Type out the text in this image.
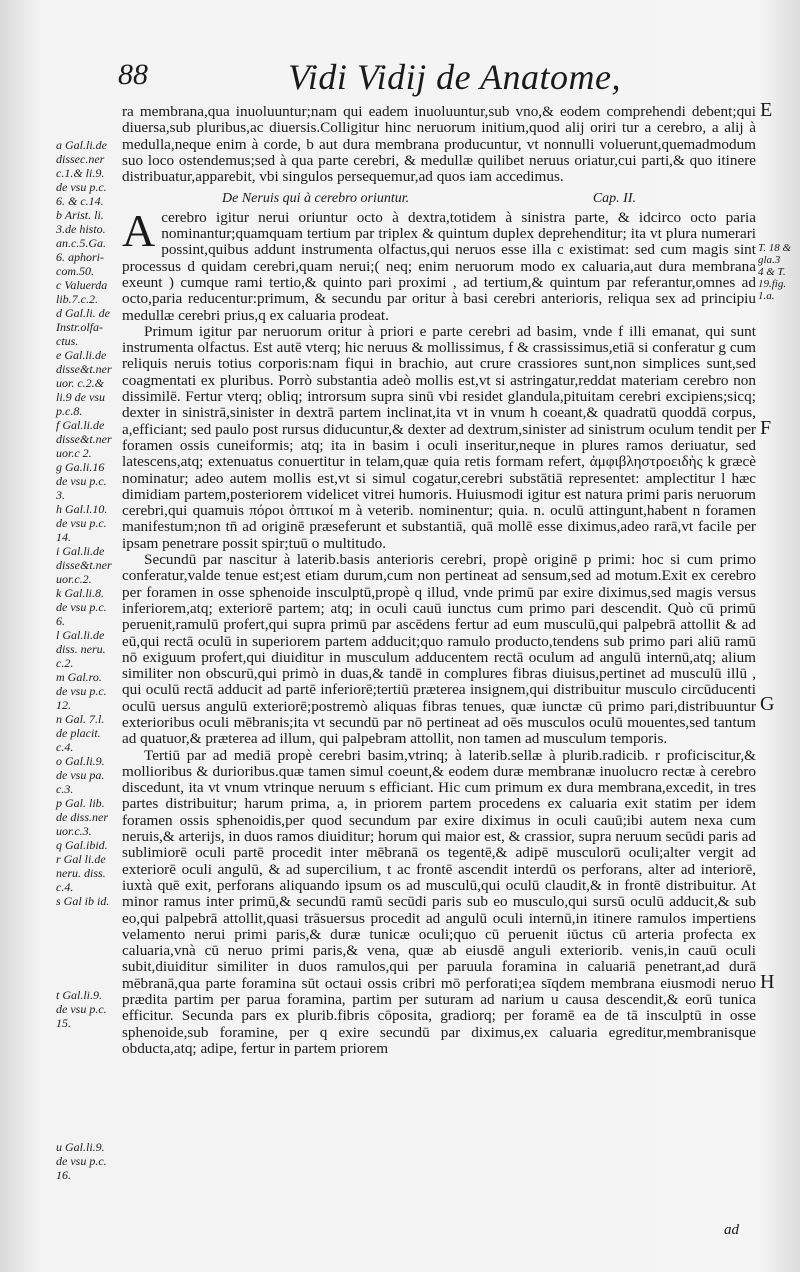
88	Vidi Vidij de Anatome,

a Gal.li.de
dissec.ner
c.1.& li.9.
de vsu p.c.
6. & c.14.

b Arist. li.
3.de histo.
an.c.5.Ga.
6. aphori-
com.50.

c Valuerda
lib.7.c.2.

d Gal.li. de
Instr.olfa-
ctus.

e Gal.li.de
disse&t.ner
uor. c.2.&
li.9 de vsu
p.c.8.

f Gal.li.de
disse&t.ner
uor.c 2.

g Ga.li.16
de vsu p.c.
3.

h Gal.l.10.
de vsu p.c.
14.

i Gal.li.de
disse&t.ner
uor.c.2.

k Gal.li.8.
de vsu p.c.
6.

l Gal.li.de
diss. neru.
c.2.

m Gal.ro.
de vsu p.c.
12.

n Gal. 7.l.
de placit.
c.4.

o Gal.li.9.
de vsu pa.
c.3.

p Gal. lib.
de diss.ner
uor.c.3.

q Gal.ibid.
r Gal li.de
neru. diss.
c.4.

s Gal ib id.

t Gal.li.9.
de vsu p.c.
15.

u Gal.li.9.
de vsu p.c.
16.

E
T. 18 &
gla.3
4 & T.
19.fig.
1.a.
F
G
H

ra membrana,qua inuoluuntur;nam qui eadem inuoluuntur,sub vno,& eodem comprehendi debent;qui diuersa,sub pluribus,ac diuersis.Colligitur hinc neruorum initium,quod alij oriri tur a cerebro, a alij à medulla,neque enim à corde, b aut dura membrana producuntur, vt nonnulli voluerunt,quemadmodum suo loco ostendemus;sed à qua parte cerebri, & medullæ quilibet neruus oriatur,cui parti,& quo itinere distribuatur,apparebit, vbi singulos persequemur,ad quos iam accedimus.

De Neruis qui à cerebro oriuntur.	Cap. II.

Acerebro igitur nerui oriuntur octo à dextra,totidem à sinistra parte, & idcirco octo paria nominantur;quamquam tertium par triplex & quintum duplex deprehenditur; ita vt plura numerari possint,quibus addunt instrumenta olfactus,qui neruos esse illa c existimat: sed cum magis sint processus d quidam cerebri,quam nerui;( neq; enim neruorum modo ex caluaria,aut dura membrana exeunt ) cumque rami tertio,& quinto pari proximi , ad tertium,& quintum par referantur,omnes ad octo,paria reducentur:primum, & secundu par oritur à basi cerebri anterioris, reliqua sex ad principiu medullæ cerebri prius,q ex caluaria prodeat.

Primum igitur par neruorum oritur à priori e parte cerebri ad basim, vnde f illi emanat, qui sunt instrumenta olfactus. Est autē vterq; hic neruus & mollissimus, f & crassissimus,etiā si conferatur g cum reliquis neruis totius corporis:nam fiqui in brachio, aut crure crassiores sunt,non simplices sunt,sed coagmentati ex pluribus. Porrò substantia adeò mollis est,vt si astringatur,reddat materiam cerebro non dissimilē. Fertur vterq; obliq; introrsum supra sinū vbi residet glandula,pituitam cerebri excipiens;sicq; dexter in sinistrā,sinister in dextrā partem inclinat,ita vt in vnum h coeant,& quadratū quoddā corpus, a,efficiant; sed paulo post rursus diducuntur,& dexter ad dextrum,sinister ad sinistrum oculum tendit per foramen ossis cuneiformis; atq; ita in basim i oculi inseritur,neque in plures ramos deriuatur, sed latescens,atq; extenuatus conuertitur in telam,quæ quia retis formam refert, ἀμφιβληστροειδὴς k græcè nominatur; adeo autem mollis est,vt si simul cogatur,cerebri substātiā representet: amplectitur l hæc dimidiam partem,posteriorem videlicet vitrei humoris. Huiusmodi igitur est natura primi paris neruorum cerebri,qui quamuis πόροι ὀπτικοί m à veterib. nominentur; quia. n. oculū attingunt,habent n foramen manifestum;non tn̄ ad originē præseferunt et substantiā, quā mollē esse diximus,adeo rarā,vt facile per ipsam penetrare possit spir;tuū o multitudo.

Secundū par nascitur à laterib.basis anterioris cerebri, propè originē p primi: hoc si cum primo conferatur,valde tenue est;est etiam durum,cum non pertineat ad sensum,sed ad motum.Exit ex cerebro per foramen in osse sphenoide insculptū,propè q illud, vnde primū par exire diximus,sed magis versus inferiorem,atq; exteriorē partem; atq; in oculi cauū iunctus cum primo pari descendit. Quò cū primū peruenit,ramulū profert,qui supra primū par ascēdens fertur ad eum musculū,qui palpebrā attollit & ad eū,qui rectā oculū in superiorem partem adducit;quo ramulo producto,tendens sub primo pari aliū ramū nō exiguum profert,qui diuiditur in musculum adducentem rectā oculum ad angulū internū,atq; alium similiter non obscurū,qui primò in duas,& tandē in complures fibras diuisus,pertinet ad musculū illū , qui oculū rectā adducit ad partē inferiorē;tertiū præterea insignem,qui distribuitur musculo circūducenti oculū uersus angulū exteriorē;postremò aliquas fibras tenues, quæ iunctæ cū primo pari,distribuuntur exterioribus oculi mēbranis;ita vt secundū par nō pertineat ad oēs musculos oculū mouentes,sed tantum ad quatuor,& præterea ad illum, qui palpebram attollit, non tamen ad musculum temporis.

Tertiū par ad mediā propè cerebri basim,vtrinq; à laterib.sellæ à plurib.radicib. r proficiscitur,& mollioribus & durioribus.quæ tamen simul coeunt,& eodem duræ membranæ inuolucro rectæ à cerebro discedunt, ita vt vnum vtrinque neruum s efficiant. Hic cum primum ex dura membrana,excedit, in tres partes distribuitur; harum prima, a, in priorem partem procedens ex caluaria exit statim per idem foramen ossis sphenoidis,per quod secundum par exire diximus in oculi cauū;ibi autem nexa cum neruis,& arterijs, in duos ramos diuiditur; horum qui maior est, & crassior, supra neruum secūdi paris ad sublimiorē oculi partē procedit inter mēbranā os tegentē,& adipē musculorū oculi;alter vergit ad exteriorē oculi angulū, & ad supercilium, t ac frontē ascendit interdū os perforans, alter ad interiorē, iuxtà quē exit, perforans aliquando ipsum os ad musculū,qui oculū claudit,& in frontē distribuitur. At minor ramus inter primū,& secundū ramū secūdi paris sub eo musculo,qui sursū oculū adducit,& sub eo,qui palpebrā attollit,quasi trāsuersus procedit ad angulū oculi internū,in itinere ramulos impertiens velamento nerui primi paris,& duræ tunicæ oculi;quo cū peruenit iūctus cū arteria profecta ex caluaria,vnà cū neruo primi paris,& vena, quæ ab eiusdē anguli exteriorib. venis,in cauū oculi subit,diuiditur similiter in duos ramulos,qui per paruula foramina in caluariā penetrant,ad durā mēbranā,qua parte foramina sūt octaui ossis cribri mō perforati;ea sīqdem membrana eiusmodi neruo prædita partim per parua foramina, partim per suturam ad narium u causa descendit,& eorū tunica efficitur. Secunda pars ex plurib.fibris cōposita, gradiorq; per foramē ea de tā insculptū in osse sphenoide,sub foramine, per q exire secundū par diximus,ex caluaria egreditur,membranisque obducta,atq; adipe, fertur in partem priorem

ad
